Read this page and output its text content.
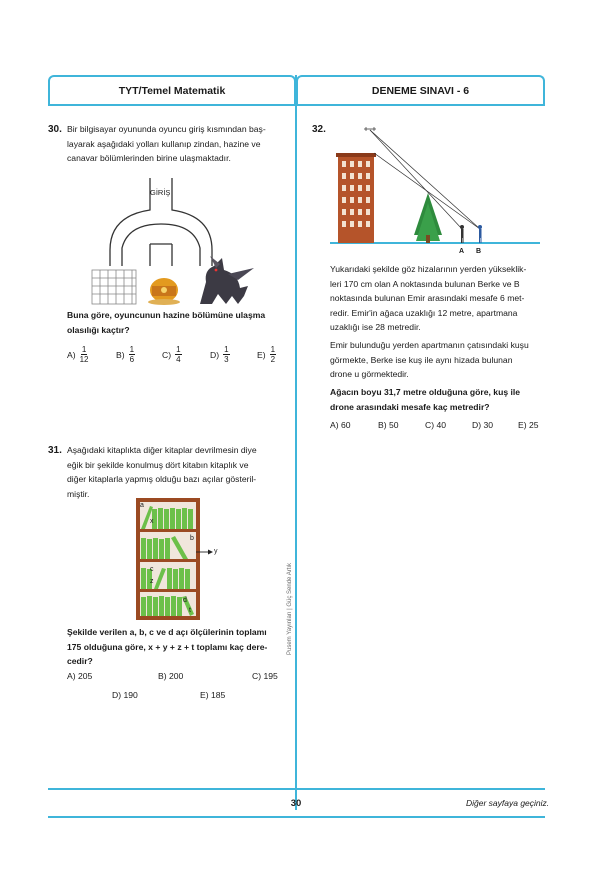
TYT/Temel Matematik	DENEME SINAVI - 6
Pusem Yayınları | Güç Sende Artık
30. Bir bilgisayar oyununda oyuncu giriş kısmından baş-
layarak aşağıdaki yolları kullanıp zindan, hazine ve
canavar bölümlerinden birine ulaşmaktadır.
GİRİŞ
Buna göre, oyuncunun hazine bölümüne ulaşma
olasılığı kaçtır?
$A) \frac{1}{12}$	$B) \frac{1}{6}$	$C) \frac{1}{4}$	$D) \frac{1}{3}$	$E) \frac{1}{2}$
31. Aşağıdaki kitaplıkta diğer kitaplar devrilmesin diye
eğik bir şekilde konulmuş dört kitabın kitaplık ve
diğer kitaplarla yapmış olduğu bazı açılar gösteril-
miştir.
a
x
b
y
c
z
d
t
Şekilde verilen a, b, c ve d açı ölçülerinin toplamı
175 olduğuna göre, x + y + z + t toplamı kaç dere-
cedir?
A)
205	B)
200	C)
195
D)
190	E)
185
32.
A B
Yukarıdaki şekilde göz hizalarının yerden yükseklik-
leri 170 cm olan A noktasında bulunan Berke ve B
noktasında bulunan Emir arasındaki mesafe 6 met-
redir. Emir'in ağaca uzaklığı 12 metre, apartmana
uzaklığı ise 28 metredir.
Emir bulunduğu yerden apartmanın çatısındaki kuşu
görmekte, Berke ise kuş ile aynı hizada bulunan
drone u görmektedir.
Ağacın boyu 31,7 metre olduğuna göre, kuş ile
drone arasındaki mesafe kaç metredir?
A)
60	B)
50	C)
40	D)
30	E)
25
30	Diğer sayfaya geçiniz.
